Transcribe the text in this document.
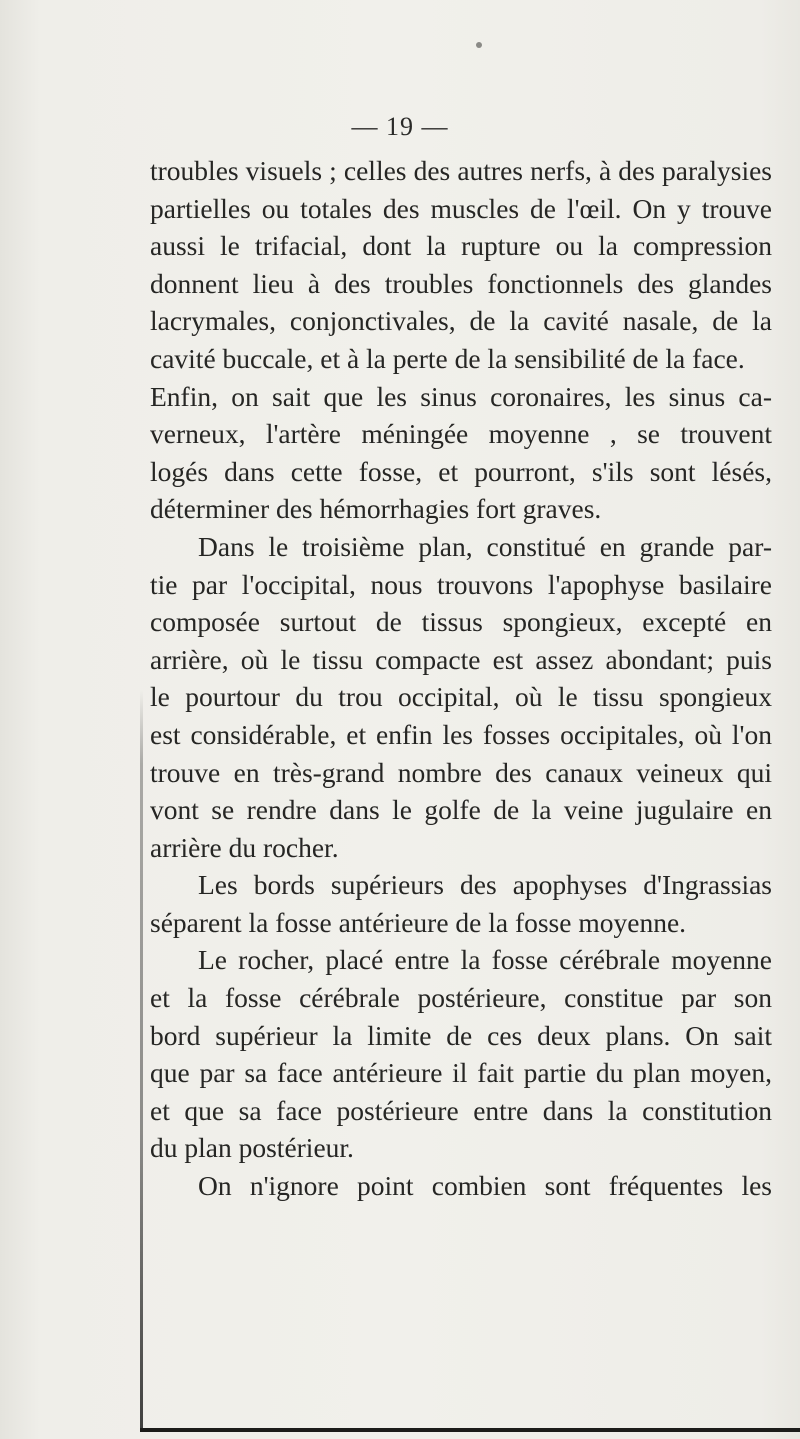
— 19 —
troubles visuels ; celles des autres nerfs, à des paralysies
partielles ou totales des muscles de l'œil. On y trouve
aussi le trifacial, dont la rupture ou la compression
donnent lieu à des troubles fonctionnels des glandes
lacrymales, conjonctivales, de la cavité nasale, de la
cavité buccale, et à la perte de la sensibilité de la face.
Enfin, on sait que les sinus coronaires, les sinus ca-
verneux, l'artère méningée moyenne , se trouvent
logés dans cette fosse, et pourront, s'ils sont lésés,
déterminer des hémorrhagies fort graves.
Dans le troisième plan, constitué en grande par-
tie par l'occipital, nous trouvons l'apophyse basilaire
composée surtout de tissus spongieux, excepté en
arrière, où le tissu compacte est assez abondant; puis
le pourtour du trou occipital, où le tissu spongieux
est considérable, et enfin les fosses occipitales, où l'on
trouve en très-grand nombre des canaux veineux qui
vont se rendre dans le golfe de la veine jugulaire en
arrière du rocher.
Les bords supérieurs des apophyses d'Ingrassias
séparent la fosse antérieure de la fosse moyenne.
Le rocher, placé entre la fosse cérébrale moyenne
et la fosse cérébrale postérieure, constitue par son
bord supérieur la limite de ces deux plans. On sait
que par sa face antérieure il fait partie du plan moyen,
et que sa face postérieure entre dans la constitution
du plan postérieur.
On n'ignore point combien sont fréquentes les
